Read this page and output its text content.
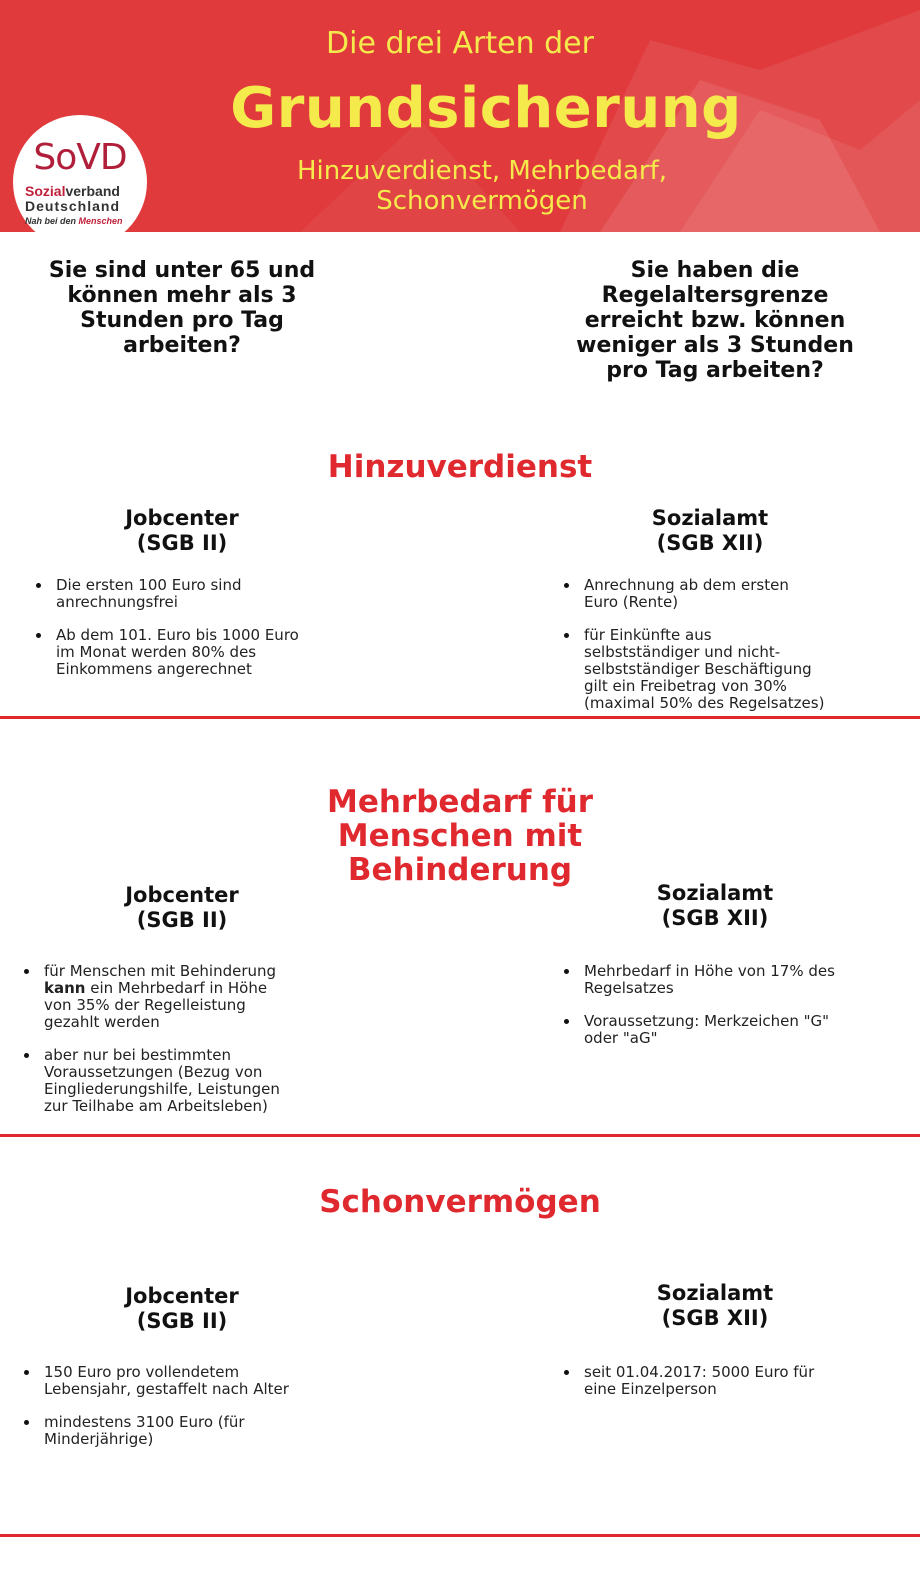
Die drei Arten der
Grundsicherung
Hinzuverdienst, Mehrbedarf,
Schonvermögen
SoVD
Sozialverband
Deutschland
Nah bei den Menschen
Sie sind unter 65 und
können mehr als 3
Stunden pro Tag
arbeiten?
Sie haben die
Regelaltersgrenze
erreicht bzw. können
weniger als 3 Stunden
pro Tag arbeiten?
Hinzuverdienst
Jobcenter
(SGB II)
Sozialamt
(SGB XII)
Die ersten 100 Euro sind
anrechnungsfrei
Ab dem 101. Euro bis 1000 Euro
im Monat werden 80% des
Einkommens angerechnet
Anrechnung ab dem ersten
Euro (Rente)
für Einkünfte aus
selbstständiger und nicht-
selbstständiger Beschäftigung
gilt ein Freibetrag von 30%
(maximal 50% des Regelsatzes)
Mehrbedarf für
Menschen mit
Behinderung
Jobcenter
(SGB II)
Sozialamt
(SGB XII)
für Menschen mit Behinderung
kann ein Mehrbedarf in Höhe
von 35% der Regelleistung
gezahlt werden
aber nur bei bestimmten
Voraussetzungen (Bezug von
Eingliederungshilfe, Leistungen
zur Teilhabe am Arbeitsleben)
Mehrbedarf in Höhe von 17% des
Regelsatzes
Voraussetzung: Merkzeichen "G"
oder "aG"
Schonvermögen
Jobcenter
(SGB II)
Sozialamt
(SGB XII)
150 Euro pro vollendetem
Lebensjahr, gestaffelt nach Alter
mindestens 3100 Euro (für
Minderjährige)
seit 01.04.2017: 5000 Euro für
eine Einzelperson
